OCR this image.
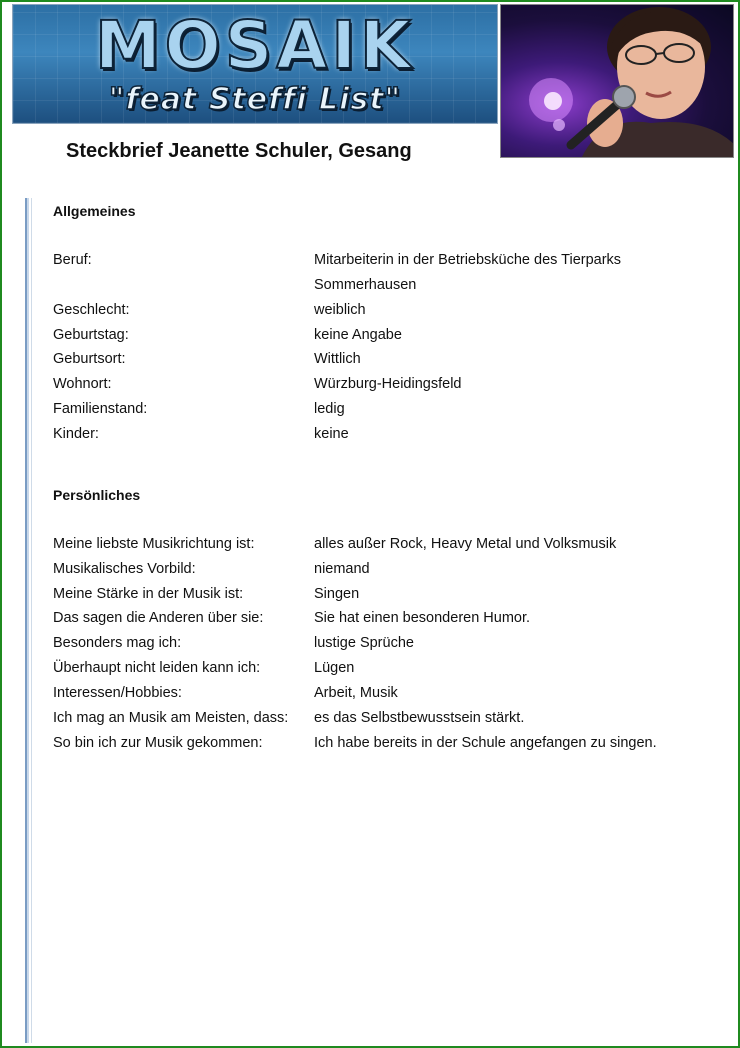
MOSAIK
"feat Steffi List"
Steckbrief Jeanette Schuler, Gesang
Allgemeines
Beruf:	Mitarbeiterin in der Betriebsküche des Tierparks
Sommerhausen
Geschlecht:	weiblich
Geburtstag:	keine Angabe
Geburtsort:	Wittlich
Wohnort:	Würzburg-Heidingsfeld
Familienstand:	ledig
Kinder:	keine
Persönliches
Meine liebste Musikrichtung ist:	alles außer Rock, Heavy Metal und Volksmusik
Musikalisches Vorbild:	niemand
Meine Stärke in der Musik ist:	Singen
Das sagen die Anderen über sie:	Sie hat einen besonderen Humor.
Besonders mag ich:	lustige Sprüche
Überhaupt nicht leiden kann ich:	Lügen
Interessen/Hobbies:	Arbeit, Musik
Ich mag an Musik am Meisten, dass: es das Selbstbewusstsein stärkt.
So bin ich zur Musik gekommen:	Ich habe bereits in der Schule angefangen zu singen.
